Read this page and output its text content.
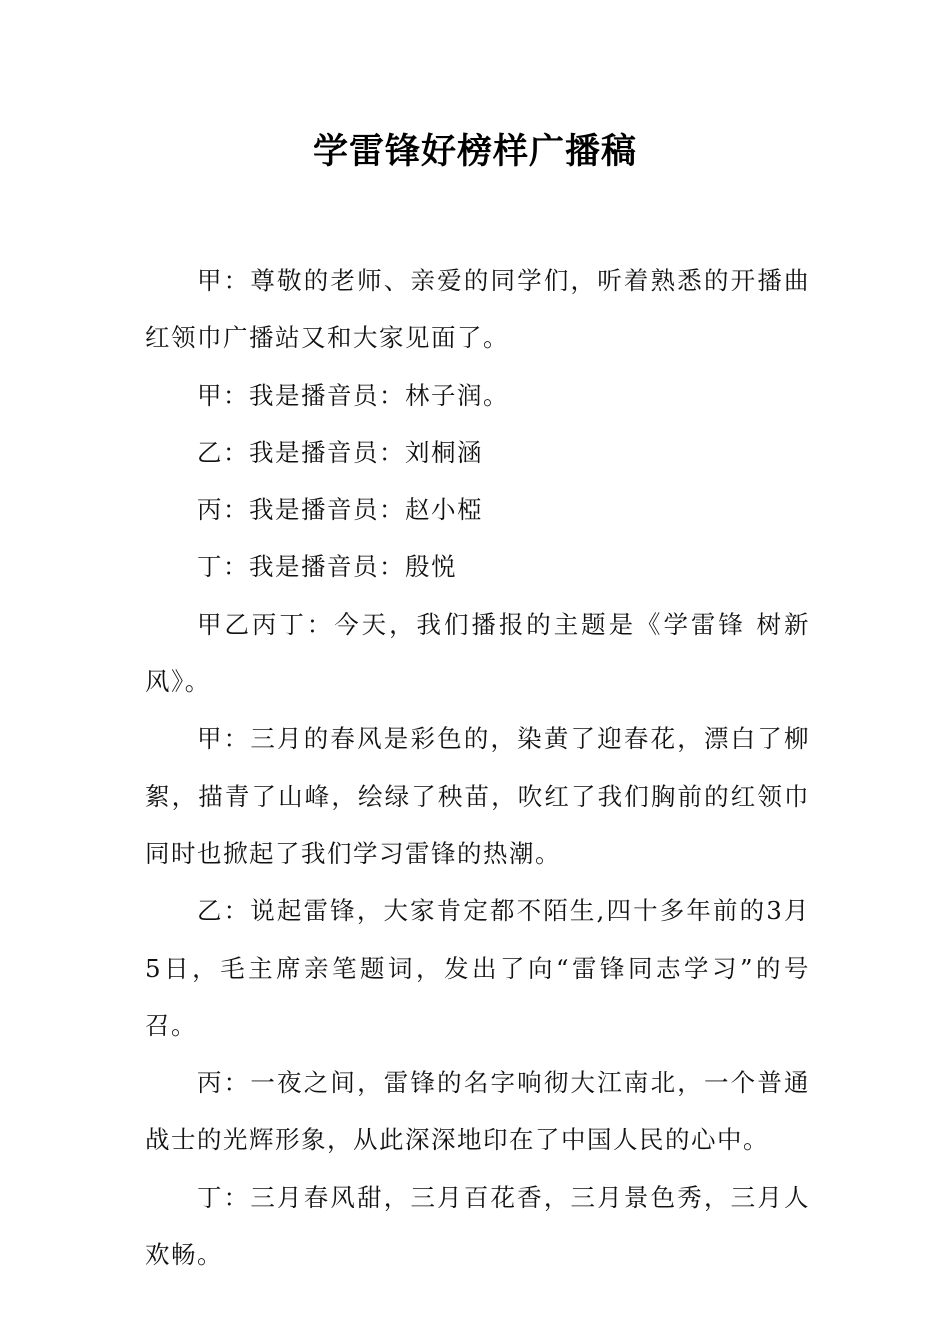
学雷锋好榜样广播稿

甲：尊敬的老师、亲爱的同学们，听着熟悉的开播曲红领巾广播站又和大家见面了。

甲：我是播音员：林子润。

乙：我是播音员：刘桐涵

丙：我是播音员：赵小椏

丁：我是播音员：殷悦

甲乙丙丁：今天，我们播报的主题是《学雷锋 树新风》。

甲：三月的春风是彩色的，染黄了迎春花，漂白了柳絮，描青了山峰，绘绿了秧苗，吹红了我们胸前的红领巾同时也掀起了我们学习雷锋的热潮。

乙：说起雷锋，大家肯定都不陌生,四十多年前的3月5日，毛主席亲笔题词，发出了向“雷锋同志学习”的号召。

丙：一夜之间，雷锋的名字响彻大江南北，一个普通战士的光辉形象，从此深深地印在了中国人民的心中。

丁：三月春风甜，三月百花香，三月景色秀，三月人欢畅。
